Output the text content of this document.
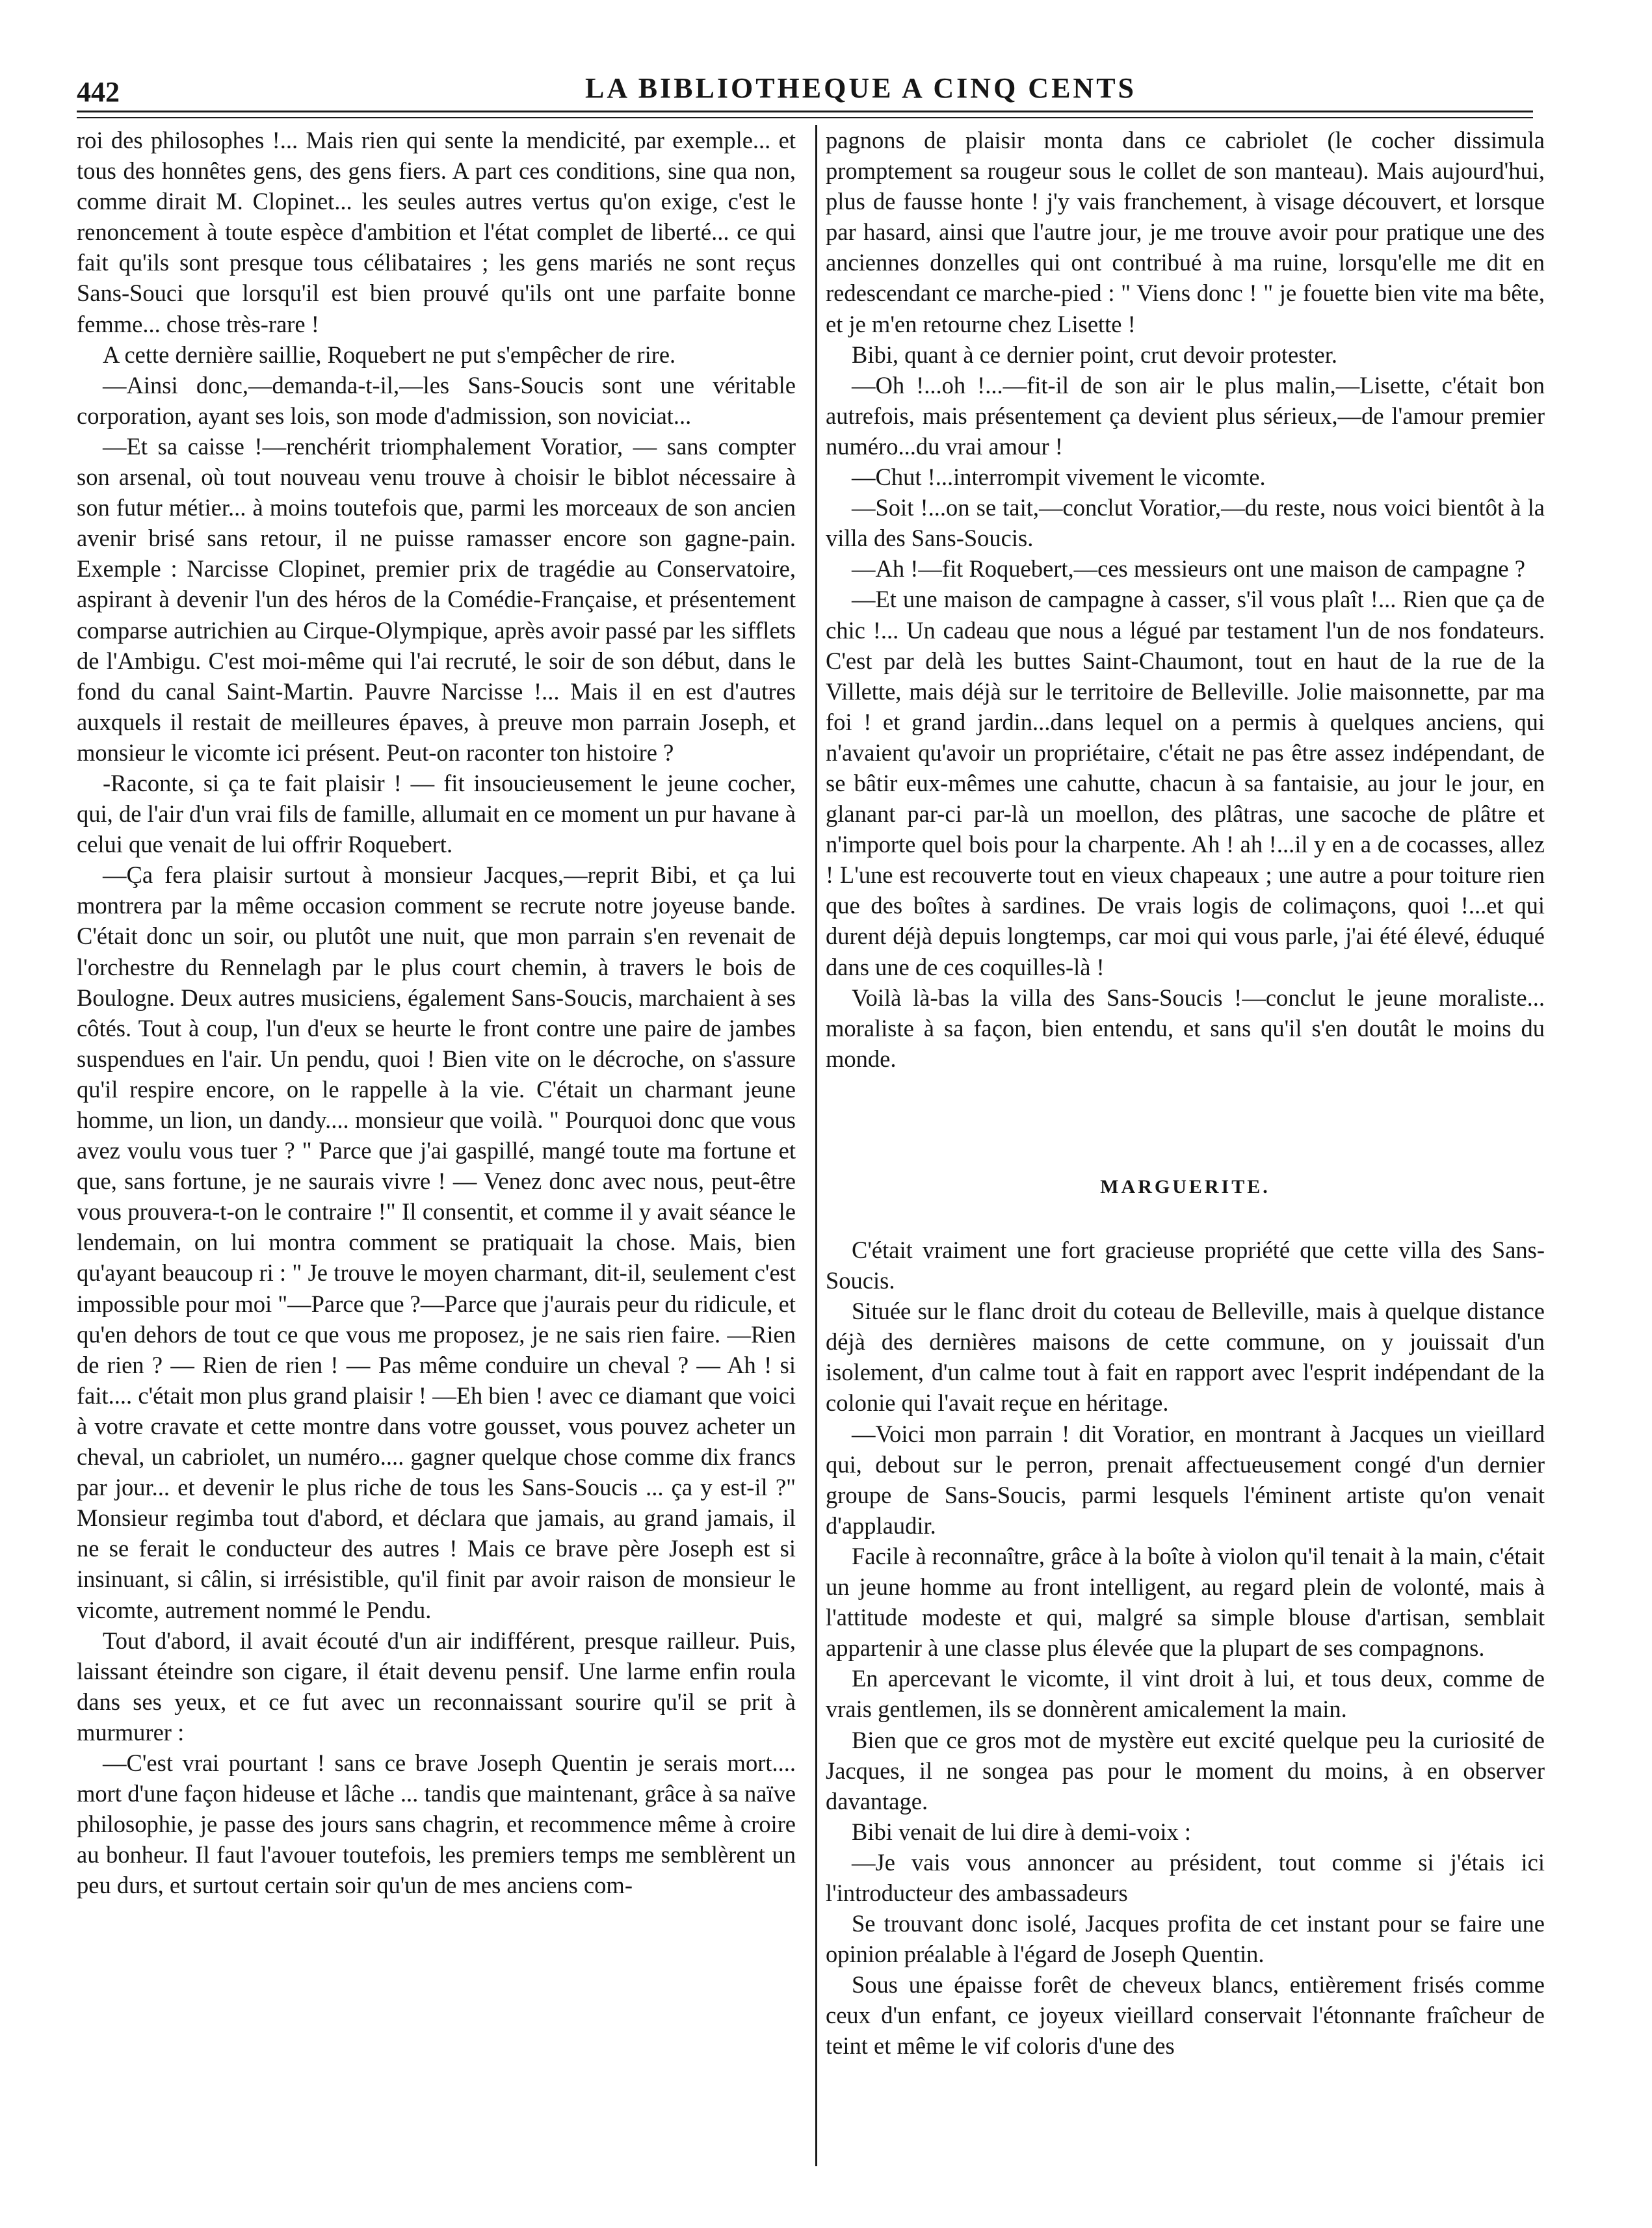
442	LA BIBLIOTHEQUE A CINQ CENTS

roi des philosophes !... Mais rien qui sente la mendicité, par exemple... et tous des honnêtes gens, des gens fiers. A part ces conditions, sine qua non, comme dirait M. Clopinet... les seules autres vertus qu'on exige, c'est le renoncement à toute espèce d'ambition et l'état complet de liberté... ce qui fait qu'ils sont presque tous célibataires ; les gens mariés ne sont reçus Sans-Souci que lorsqu'il est bien prouvé qu'ils ont une parfaite bonne femme... chose très-rare !

A cette dernière saillie, Roquebert ne put s'empêcher de rire.

—Ainsi donc,—demanda-t-il,—les Sans-Soucis sont une véritable corporation, ayant ses lois, son mode d'admission, son noviciat...

—Et sa caisse !—renchérit triomphalement Voratior, — sans compter son arsenal, où tout nouveau venu trouve à choisir le biblot nécessaire à son futur métier... à moins toutefois que, parmi les morceaux de son ancien avenir brisé sans retour, il ne puisse ramasser encore son gagne-pain. Exemple : Narcisse Clopinet, premier prix de tragédie au Conservatoire, aspirant à devenir l'un des héros de la Comédie-Française, et présentement comparse autrichien au Cirque-Olympique, après avoir passé par les sifflets de l'Ambigu. C'est moi-même qui l'ai recruté, le soir de son début, dans le fond du canal Saint-Martin. Pauvre Narcisse !... Mais il en est d'autres auxquels il restait de meilleures épaves, à preuve mon parrain Joseph, et monsieur le vicomte ici présent. Peut-on raconter ton histoire ?

-Raconte, si ça te fait plaisir ! — fit insoucieusement le jeune cocher, qui, de l'air d'un vrai fils de famille, allumait en ce moment un pur havane à celui que venait de lui offrir Roquebert.

—Ça fera plaisir surtout à monsieur Jacques,—reprit Bibi, et ça lui montrera par la même occasion comment se recrute notre joyeuse bande. C'était donc un soir, ou plutôt une nuit, que mon parrain s'en revenait de l'orchestre du Rennelagh par le plus court chemin, à travers le bois de Boulogne. Deux autres musiciens, également Sans-Soucis, marchaient à ses côtés. Tout à coup, l'un d'eux se heurte le front contre une paire de jambes suspendues en l'air. Un pendu, quoi ! Bien vite on le décroche, on s'assure qu'il respire encore, on le rappelle à la vie. C'était un charmant jeune homme, un lion, un dandy.... monsieur que voilà. " Pourquoi donc que vous avez voulu vous tuer ? " Parce que j'ai gaspillé, mangé toute ma fortune et que, sans fortune, je ne saurais vivre ! — Venez donc avec nous, peut-être vous prouvera-t-on le contraire !" Il consentit, et comme il y avait séance le lendemain, on lui montra comment se pratiquait la chose. Mais, bien qu'ayant beaucoup ri : " Je trouve le moyen charmant, dit-il, seulement c'est impossible pour moi "—Parce que ?—Parce que j'aurais peur du ridicule, et qu'en dehors de tout ce que vous me proposez, je ne sais rien faire. —Rien de rien ? — Rien de rien ! — Pas même conduire un cheval ? — Ah ! si fait.... c'était mon plus grand plaisir ! —Eh bien ! avec ce diamant que voici à votre cravate et cette montre dans votre gousset, vous pouvez acheter un cheval, un cabriolet, un numéro.... gagner quelque chose comme dix francs par jour... et devenir le plus riche de tous les Sans-Soucis ... ça y est-il ?" Monsieur regimba tout d'abord, et déclara que jamais, au grand jamais, il ne se ferait le conducteur des autres ! Mais ce brave père Joseph est si insinuant, si câlin, si irrésistible, qu'il finit par avoir raison de monsieur le vicomte, autrement nommé le Pendu.

Tout d'abord, il avait écouté d'un air indifférent, presque railleur. Puis, laissant éteindre son cigare, il était devenu pensif. Une larme enfin roula dans ses yeux, et ce fut avec un reconnaissant sourire qu'il se prit à murmurer :

—C'est vrai pourtant ! sans ce brave Joseph Quentin je serais mort.... mort d'une façon hideuse et lâche ... tandis que maintenant, grâce à sa naïve philosophie, je passe des jours sans chagrin, et recommence même à croire au bonheur. Il faut l'avouer toutefois, les premiers temps me semblèrent un peu durs, et surtout certain soir qu'un de mes anciens com-

pagnons de plaisir monta dans ce cabriolet (le cocher dissimula promptement sa rougeur sous le collet de son manteau). Mais aujourd'hui, plus de fausse honte ! j'y vais franchement, à visage découvert, et lorsque par hasard, ainsi que l'autre jour, je me trouve avoir pour pratique une des anciennes donzelles qui ont contribué à ma ruine, lorsqu'elle me dit en redescendant ce marche-pied : " Viens donc ! " je fouette bien vite ma bête, et je m'en retourne chez Lisette !

Bibi, quant à ce dernier point, crut devoir protester.

—Oh !...oh !...—fit-il de son air le plus malin,—Lisette, c'était bon autrefois, mais présentement ça devient plus sérieux,—de l'amour premier numéro...du vrai amour !

—Chut !...interrompit vivement le vicomte.

—Soit !...on se tait,—conclut Voratior,—du reste, nous voici bientôt à la villa des Sans-Soucis.

—Ah !—fit Roquebert,—ces messieurs ont une maison de campagne ?

—Et une maison de campagne à casser, s'il vous plaît !... Rien que ça de chic !... Un cadeau que nous a légué par testament l'un de nos fondateurs. C'est par delà les buttes Saint-Chaumont, tout en haut de la rue de la Villette, mais déjà sur le territoire de Belleville. Jolie maisonnette, par ma foi ! et grand jardin...dans lequel on a permis à quelques anciens, qui n'avaient qu'avoir un propriétaire, c'était ne pas être assez indépendant, de se bâtir eux-mêmes une cahutte, chacun à sa fantaisie, au jour le jour, en glanant par-ci par-là un moellon, des plâtras, une sacoche de plâtre et n'importe quel bois pour la charpente. Ah ! ah !...il y en a de cocasses, allez ! L'une est recouverte tout en vieux chapeaux ; une autre a pour toiture rien que des boîtes à sardines. De vrais logis de colimaçons, quoi !...et qui durent déjà depuis longtemps, car moi qui vous parle, j'ai été élevé, éduqué dans une de ces coquilles-là !

Voilà là-bas la villa des Sans-Soucis !—conclut le jeune moraliste... moraliste à sa façon, bien entendu, et sans qu'il s'en doutât le moins du monde.

MARGUERITE.

C'était vraiment une fort gracieuse propriété que cette villa des Sans-Soucis.

Située sur le flanc droit du coteau de Belleville, mais à quelque distance déjà des dernières maisons de cette commune, on y jouissait d'un isolement, d'un calme tout à fait en rapport avec l'esprit indépendant de la colonie qui l'avait reçue en héritage.

—Voici mon parrain ! dit Voratior, en montrant à Jacques un vieillard qui, debout sur le perron, prenait affectueusement congé d'un dernier groupe de Sans-Soucis, parmi lesquels l'éminent artiste qu'on venait d'applaudir.

Facile à reconnaître, grâce à la boîte à violon qu'il tenait à la main, c'était un jeune homme au front intelligent, au regard plein de volonté, mais à l'attitude modeste et qui, malgré sa simple blouse d'artisan, semblait appartenir à une classe plus élevée que la plupart de ses compagnons.

En apercevant le vicomte, il vint droit à lui, et tous deux, comme de vrais gentlemen, ils se donnèrent amicalement la main.

Bien que ce gros mot de mystère eut excité quelque peu la curiosité de Jacques, il ne songea pas pour le moment du moins, à en observer davantage.

Bibi venait de lui dire à demi-voix :

—Je vais vous annoncer au président, tout comme si j'étais ici l'introducteur des ambassadeurs

Se trouvant donc isolé, Jacques profita de cet instant pour se faire une opinion préalable à l'égard de Joseph Quentin.

Sous une épaisse forêt de cheveux blancs, entièrement frisés comme ceux d'un enfant, ce joyeux vieillard conservait l'étonnante fraîcheur de teint et même le vif coloris d'une des
